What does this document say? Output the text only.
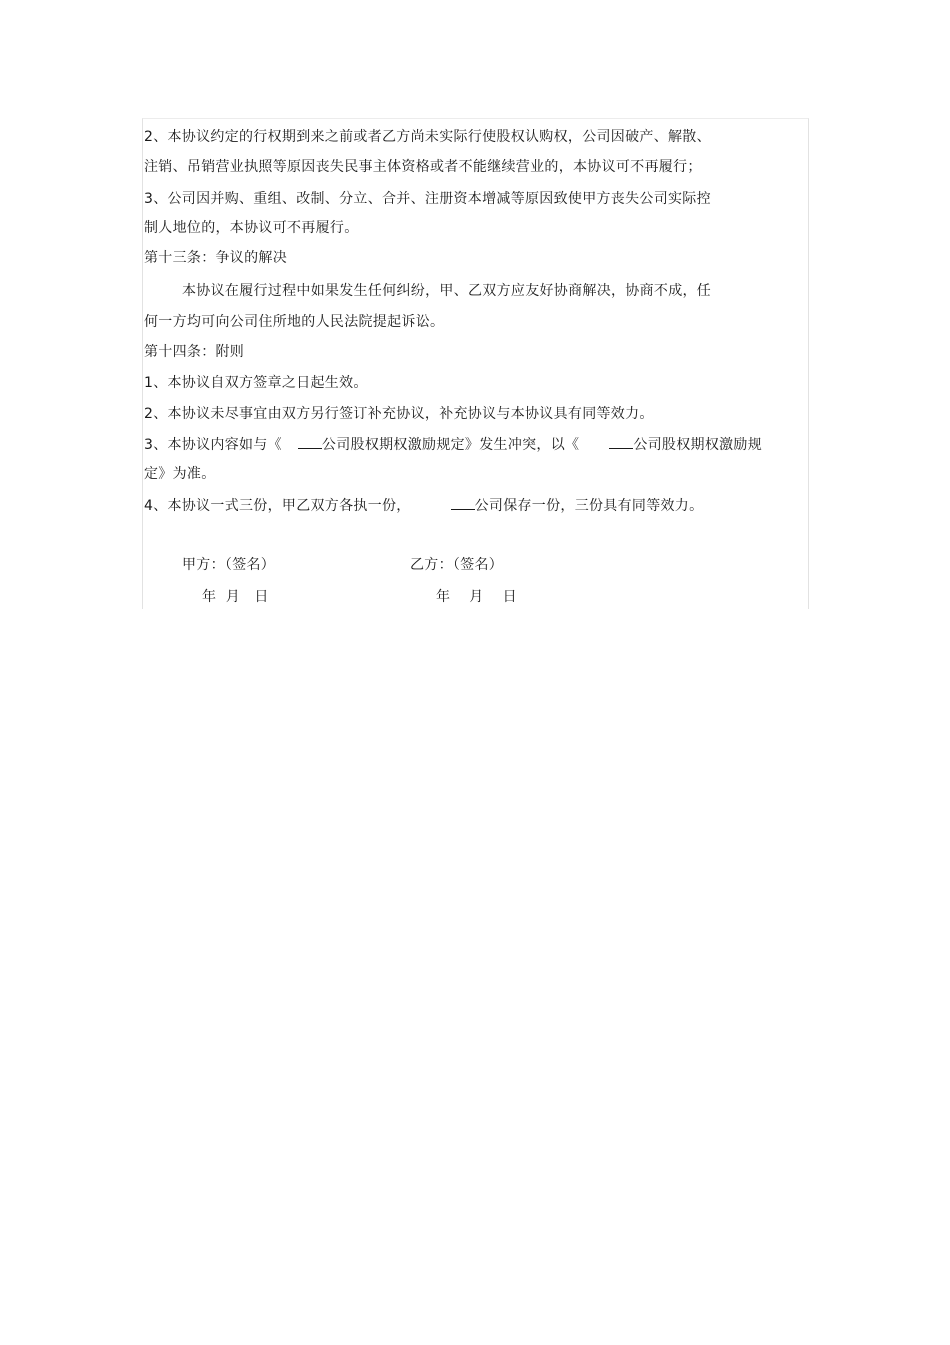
2、本协议约定的行权期到来之前或者乙方尚未实际行使股权认购权，公司因破产、解散、
注销、吊销营业执照等原因丧失民事主体资格或者不能继续营业的，本协议可不再履行；
3、公司因并购、重组、改制、分立、合并、注册资本增减等原因致使甲方丧失公司实际控
制人地位的，本协议可不再履行。
第十三条：争议的解决
本协议在履行过程中如果发生任何纠纷，甲、乙双方应友好协商解决，协商不成，任
何一方均可向公司住所地的人民法院提起诉讼。
第十四条：附则
1、本协议自双方签章之日起生效。
2、本协议未尽事宜由双方另行签订补充协议，补充协议与本协议具有同等效力。
3、本协议内容如与《	公司股权期权激励规定》发生冲突，以《	公司股权期权激励规
定》为准。
4、本协议一式三份，甲乙双方各执一份，	公司保存一份，三份具有同等效力。
甲方：（签名）	乙方：（签名）
年  月   日	年    月    日
